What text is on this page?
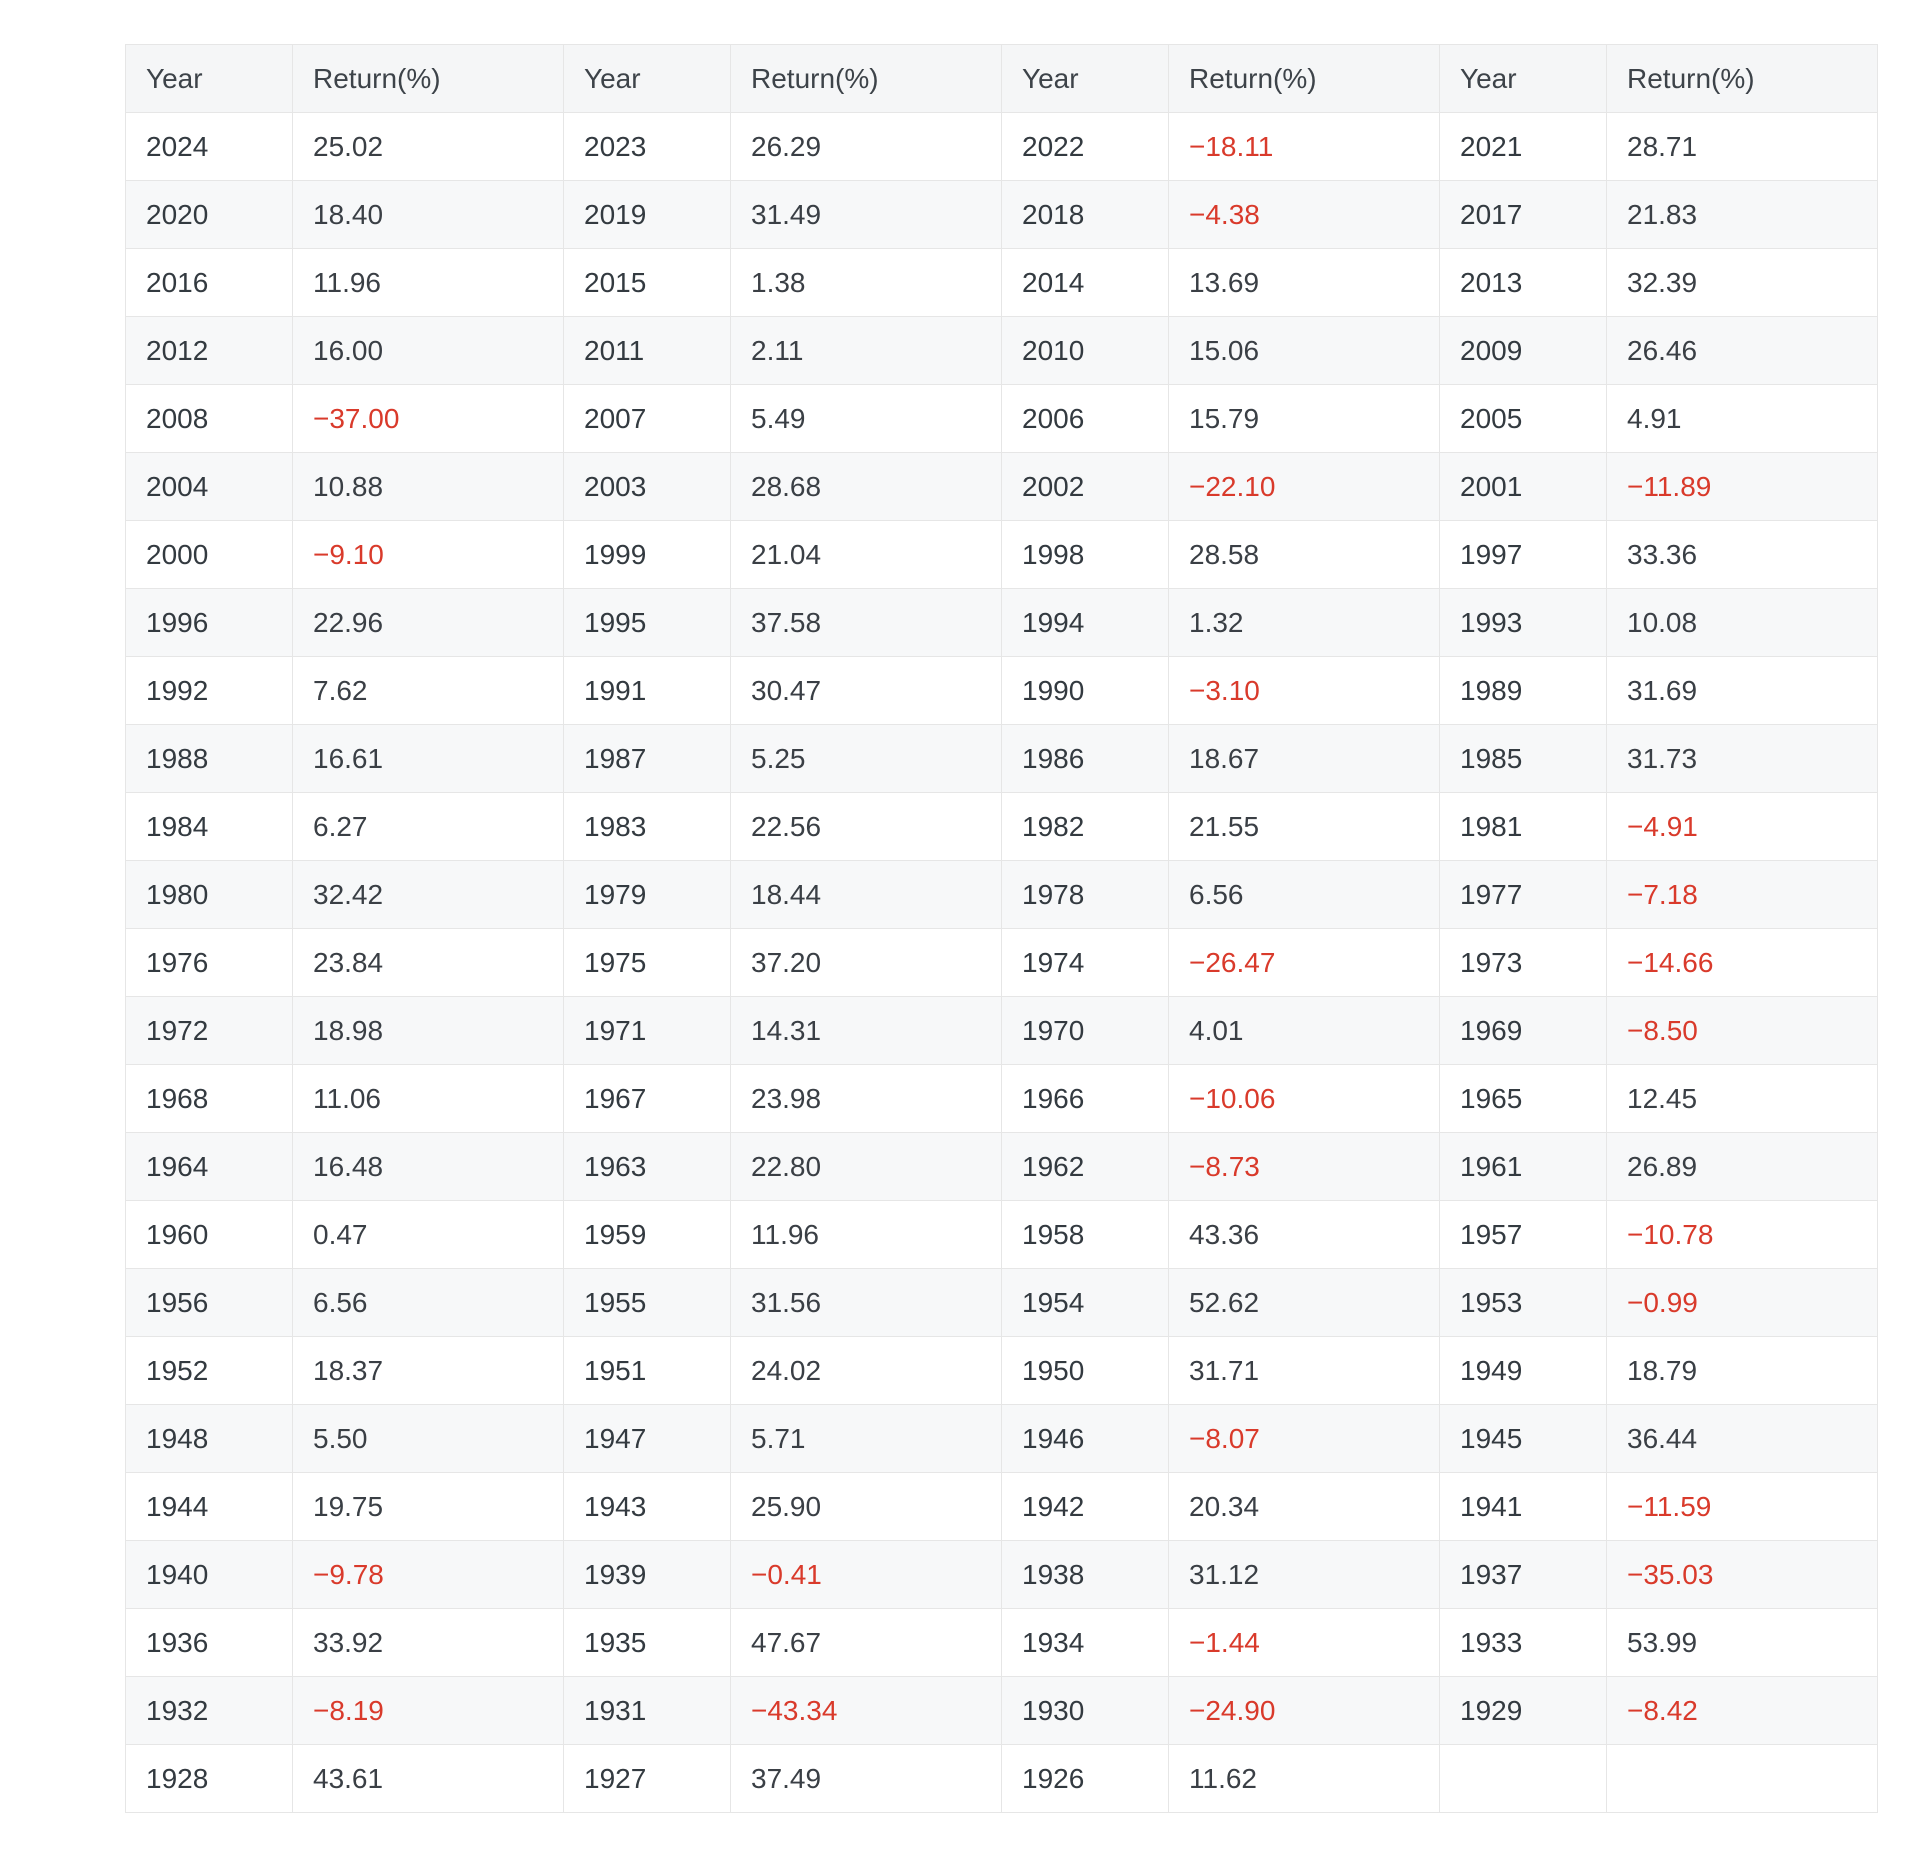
Year	Return(%)	Year	Return(%)	Year	Return(%)	Year	Return(%)
2024	25.02	2023	26.29	2022	−18.11	2021	28.71
2020	18.40	2019	31.49	2018	−4.38	2017	21.83
2016	11.96	2015	1.38	2014	13.69	2013	32.39
2012	16.00	2011	2.11	2010	15.06	2009	26.46
2008	−37.00	2007	5.49	2006	15.79	2005	4.91
2004	10.88	2003	28.68	2002	−22.10	2001	−11.89
2000	−9.10	1999	21.04	1998	28.58	1997	33.36
1996	22.96	1995	37.58	1994	1.32	1993	10.08
1992	7.62	1991	30.47	1990	−3.10	1989	31.69
1988	16.61	1987	5.25	1986	18.67	1985	31.73
1984	6.27	1983	22.56	1982	21.55	1981	−4.91
1980	32.42	1979	18.44	1978	6.56	1977	−7.18
1976	23.84	1975	37.20	1974	−26.47	1973	−14.66
1972	18.98	1971	14.31	1970	4.01	1969	−8.50
1968	11.06	1967	23.98	1966	−10.06	1965	12.45
1964	16.48	1963	22.80	1962	−8.73	1961	26.89
1960	0.47	1959	11.96	1958	43.36	1957	−10.78
1956	6.56	1955	31.56	1954	52.62	1953	−0.99
1952	18.37	1951	24.02	1950	31.71	1949	18.79
1948	5.50	1947	5.71	1946	−8.07	1945	36.44
1944	19.75	1943	25.90	1942	20.34	1941	−11.59
1940	−9.78	1939	−0.41	1938	31.12	1937	−35.03
1936	33.92	1935	47.67	1934	−1.44	1933	53.99
1932	−8.19	1931	−43.34	1930	−24.90	1929	−8.42
1928	43.61	1927	37.49	1926	11.62		
